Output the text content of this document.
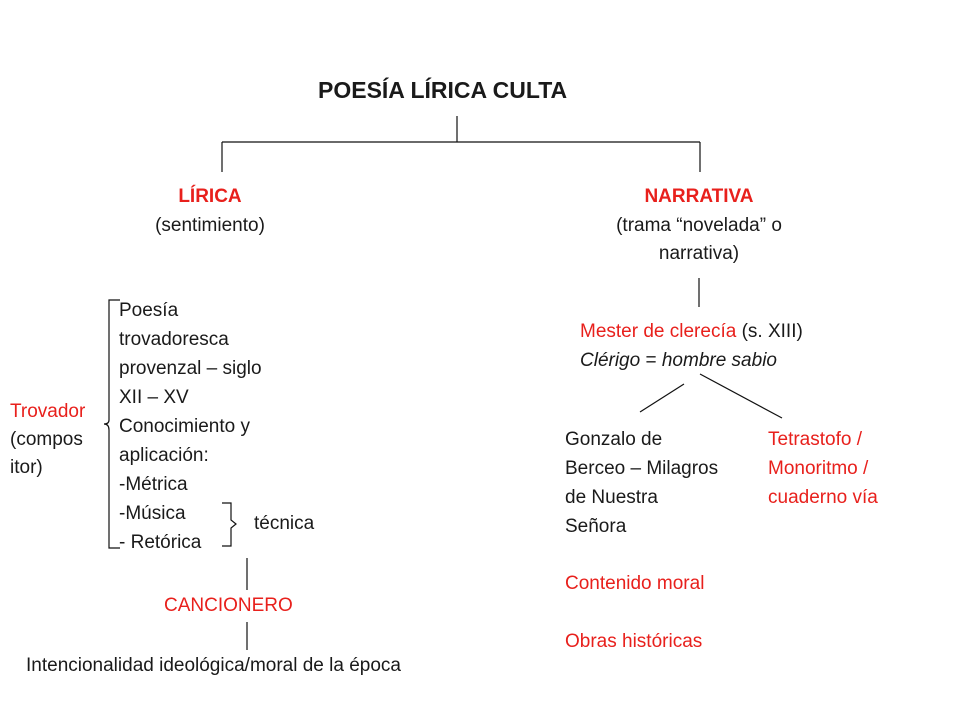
POESÍA LÍRICA CULTA
LÍRICA
(sentimiento)
NARRATIVA
(trama “novelada” o
narrativa)
Trovador
(compos
itor)
Poesía
trovadoresca
provenzal – siglo
XII – XV
Conocimiento y
aplicación:
-Métrica
-Música
- Retórica
técnica
CANCIONERO
Intencionalidad ideológica/moral de la época
Mester de clerecía (s. XIII)
Clérigo = hombre sabio
Gonzalo de
Berceo – Milagros
de Nuestra
Señora
Contenido moral
Obras históricas
Tetrastofo /
Monoritmo /
cuaderno vía
